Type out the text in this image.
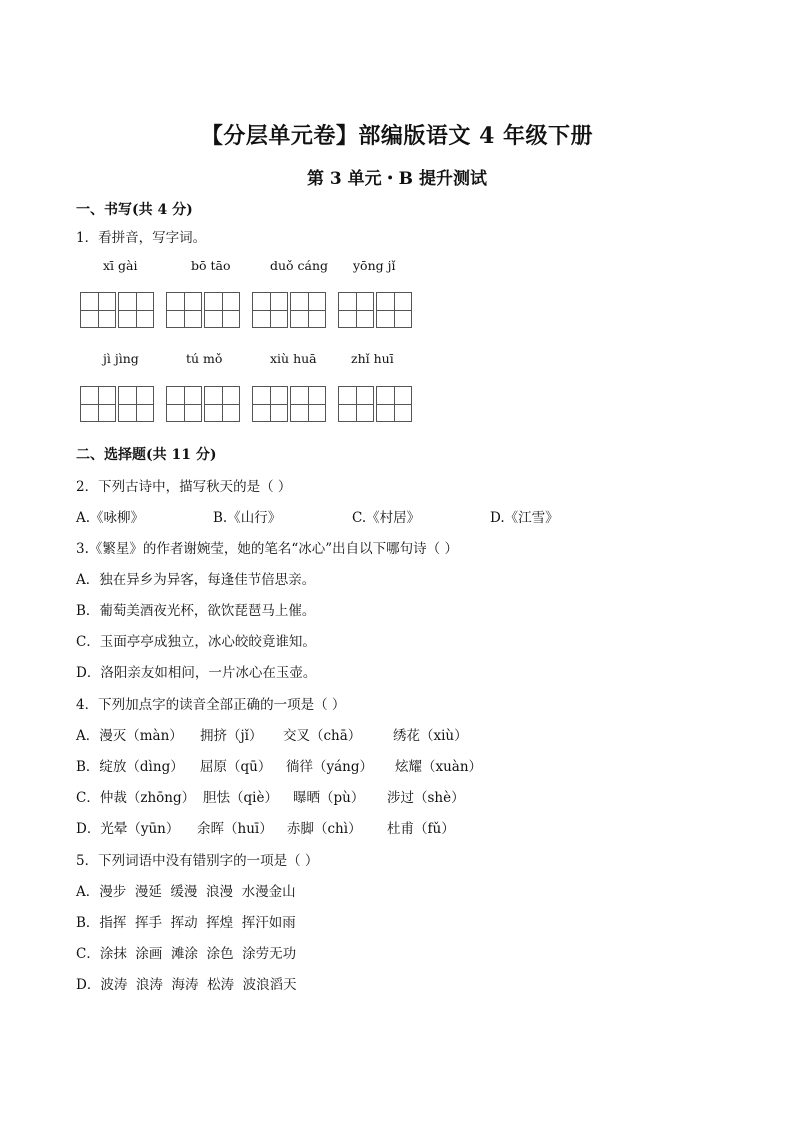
【分层单元卷】部编版语文 4 年级下册
第 3 单元・B 提升测试
一、书写(共 4 分)
1．看拼音，写字词。
xī gài	bō tāo	duǒ cáng yōng jǐ
jì jìng	tú mǒ	xiù huā	zhǐ huī
二、选择题(共 11 分)
2．下列古诗中，描写秋天的是（ ）
A.《咏柳》	B.《山行》	C.《村居》	D.《江雪》
3.《繁星》的作者谢婉莹，她的笔名“冰心”出自以下哪句诗（ ）
A．独在异乡为异客，每逢佳节倍思亲。
B．葡萄美酒夜光杯，欲饮琵琶马上催。
C．玉面亭亭成独立，冰心皎皎竟谁知。
D．洛阳亲友如相问，一片冰心在玉壶。
4．下列加点字的读音全部正确的一项是（ ）
A．漫灭（màn） 拥挤（jǐ） 交叉（chā） 绣花（xiù）
B．绽放（dìng） 屈原（qū） 徜徉（yáng） 炫耀（xuàn）
C．仲裁（zhōng） 胆怯（qiè） 曝晒（pù） 涉过（shè）
D．光晕（yūn） 余晖（huī） 赤脚（chì） 杜甫（fǔ）
5．下列词语中没有错别字的一项是（ ）
A．漫步  漫延  缓漫  浪漫  水漫金山
B．指挥  挥手  挥动  挥煌  挥汗如雨
C．涂抹  涂画  滩涂  涂色  涂劳无功
D．波涛  浪涛  海涛  松涛  波浪滔天
